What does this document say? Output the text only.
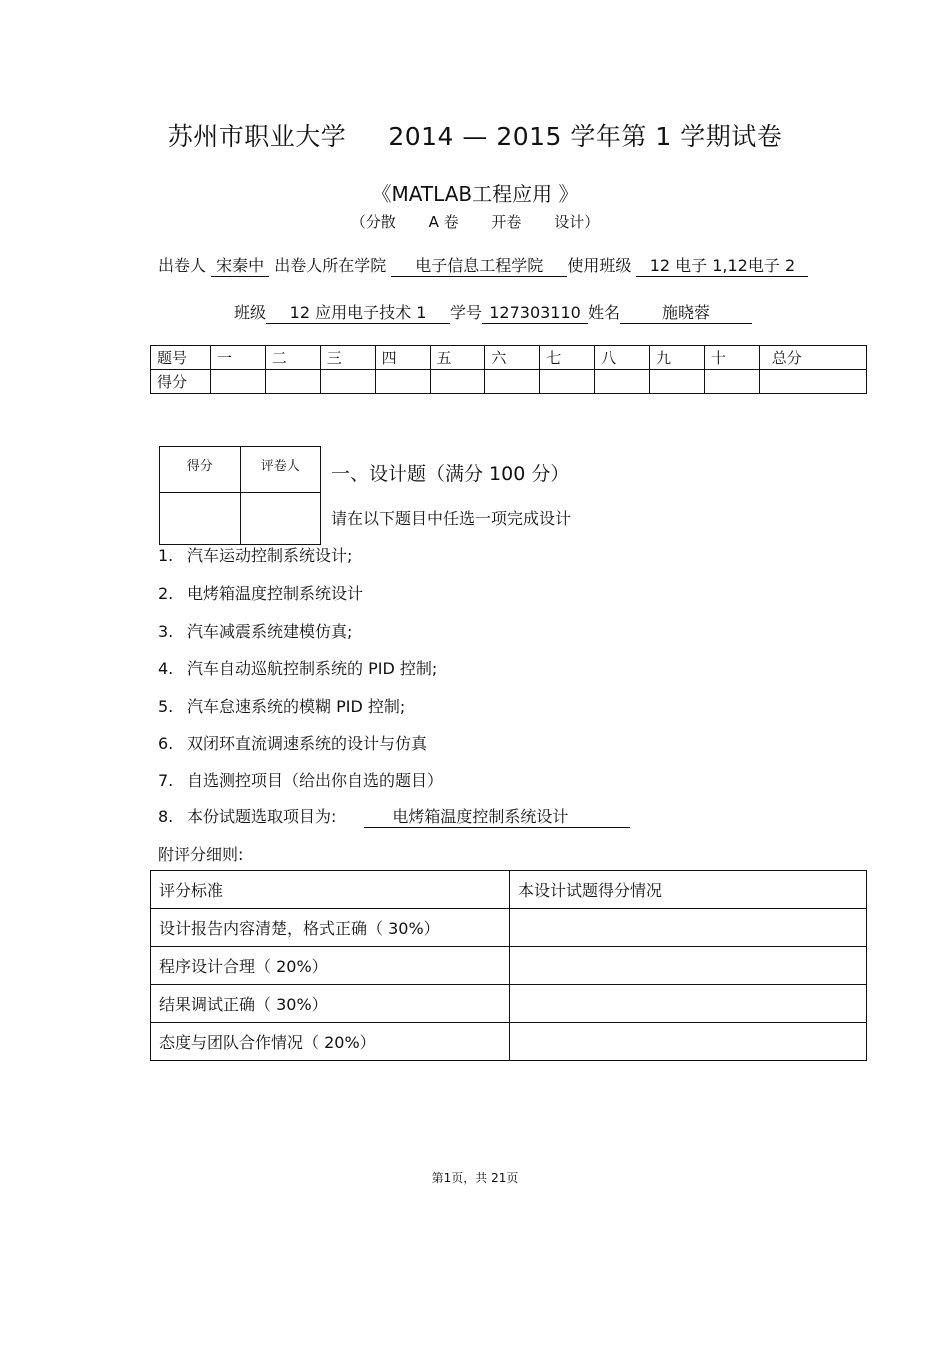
苏州市职业大学 2014 — 2015 学年第 1 学期试卷
《MATLAB工程应用 》
（分散 A 卷 开卷 设计）
出卷人 宋秦中 出卷人所在学院 电子信息工程学院 使用班级 12 电子 1,12电子 2
班级 12 应用电子技术 1 学号 127303110 姓名	施晓蓉
题号	一	二	三	四	五	六	七	八	九	十	总分
得分											
得分	评卷人
	一、设计题（满分 100 分）
请在以下题目中任选一项完成设计
1. 汽车运动控制系统设计;
2. 电烤箱温度控制系统设计
3. 汽车减震系统建模仿真;
4. 汽车自动巡航控制系统的 PID 控制;
5. 汽车怠速系统的模糊 PID 控制;
6. 双闭环直流调速系统的设计与仿真
7. 自选测控项目（给出你自选的题目）
8. 本份试题选取项目为:	电烤箱温度控制系统设计
附评分细则:
评分标准	本设计试题得分情况
设计报告内容清楚，格式正确（ 30%）	
程序设计合理（ 20%）	
结果调试正确（ 30%）	
态度与团队合作情况（ 20%）	
第1页，共 21页
